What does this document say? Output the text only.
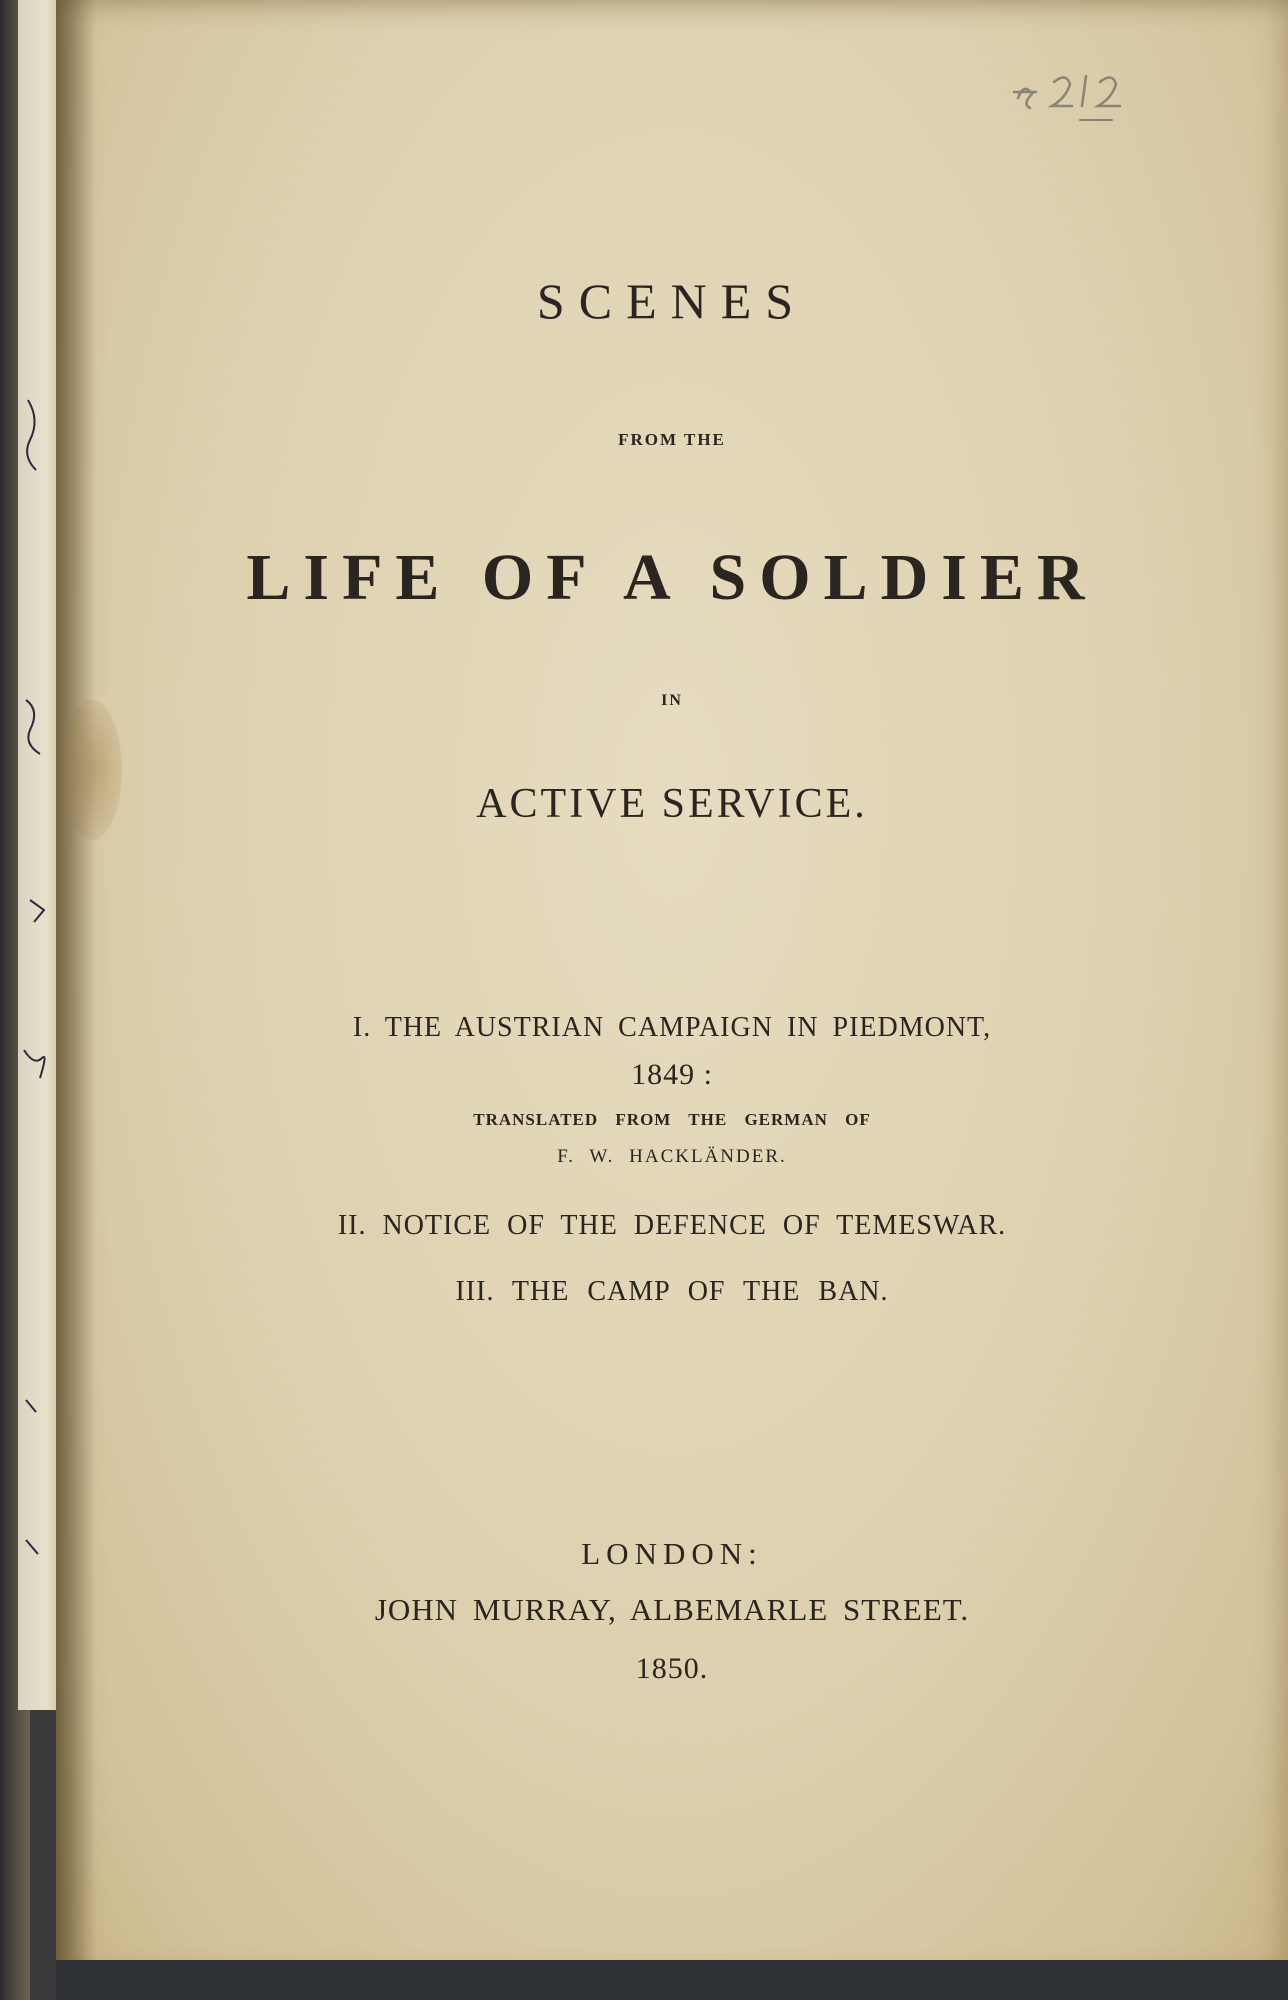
SCENES
FROM THE
LIFE OF A SOLDIER
IN
ACTIVE SERVICE.
I. THE AUSTRIAN CAMPAIGN IN PIEDMONT,
1849 :
TRANSLATED FROM THE GERMAN OF
F. W. HACKLÄNDER.
II. NOTICE OF THE DEFENCE OF TEMESWAR.
III. THE CAMP OF THE BAN.
LONDON:
JOHN MURRAY, ALBEMARLE STREET.
1850.
